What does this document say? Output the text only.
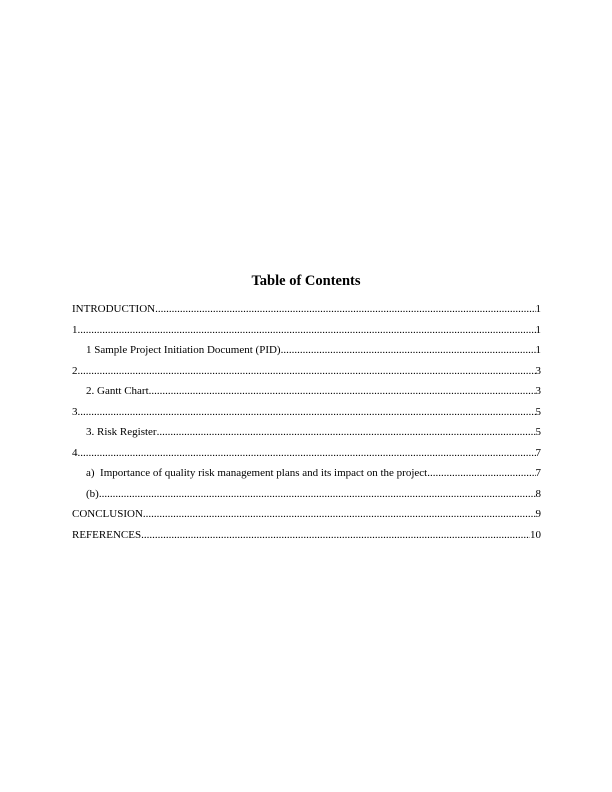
Table of Contents
INTRODUCTION .....	1
1 .....	1
1 Sample Project Initiation Document (PID) .....	1
2 .....	3
2. Gantt Chart .....	3
3 .....	5
3. Risk Register .....	5
4 .....	7
a)  Importance of quality risk management plans and its impact on the project .....	7
(b) .....	8
CONCLUSION .....	9
REFERENCES .....	10
